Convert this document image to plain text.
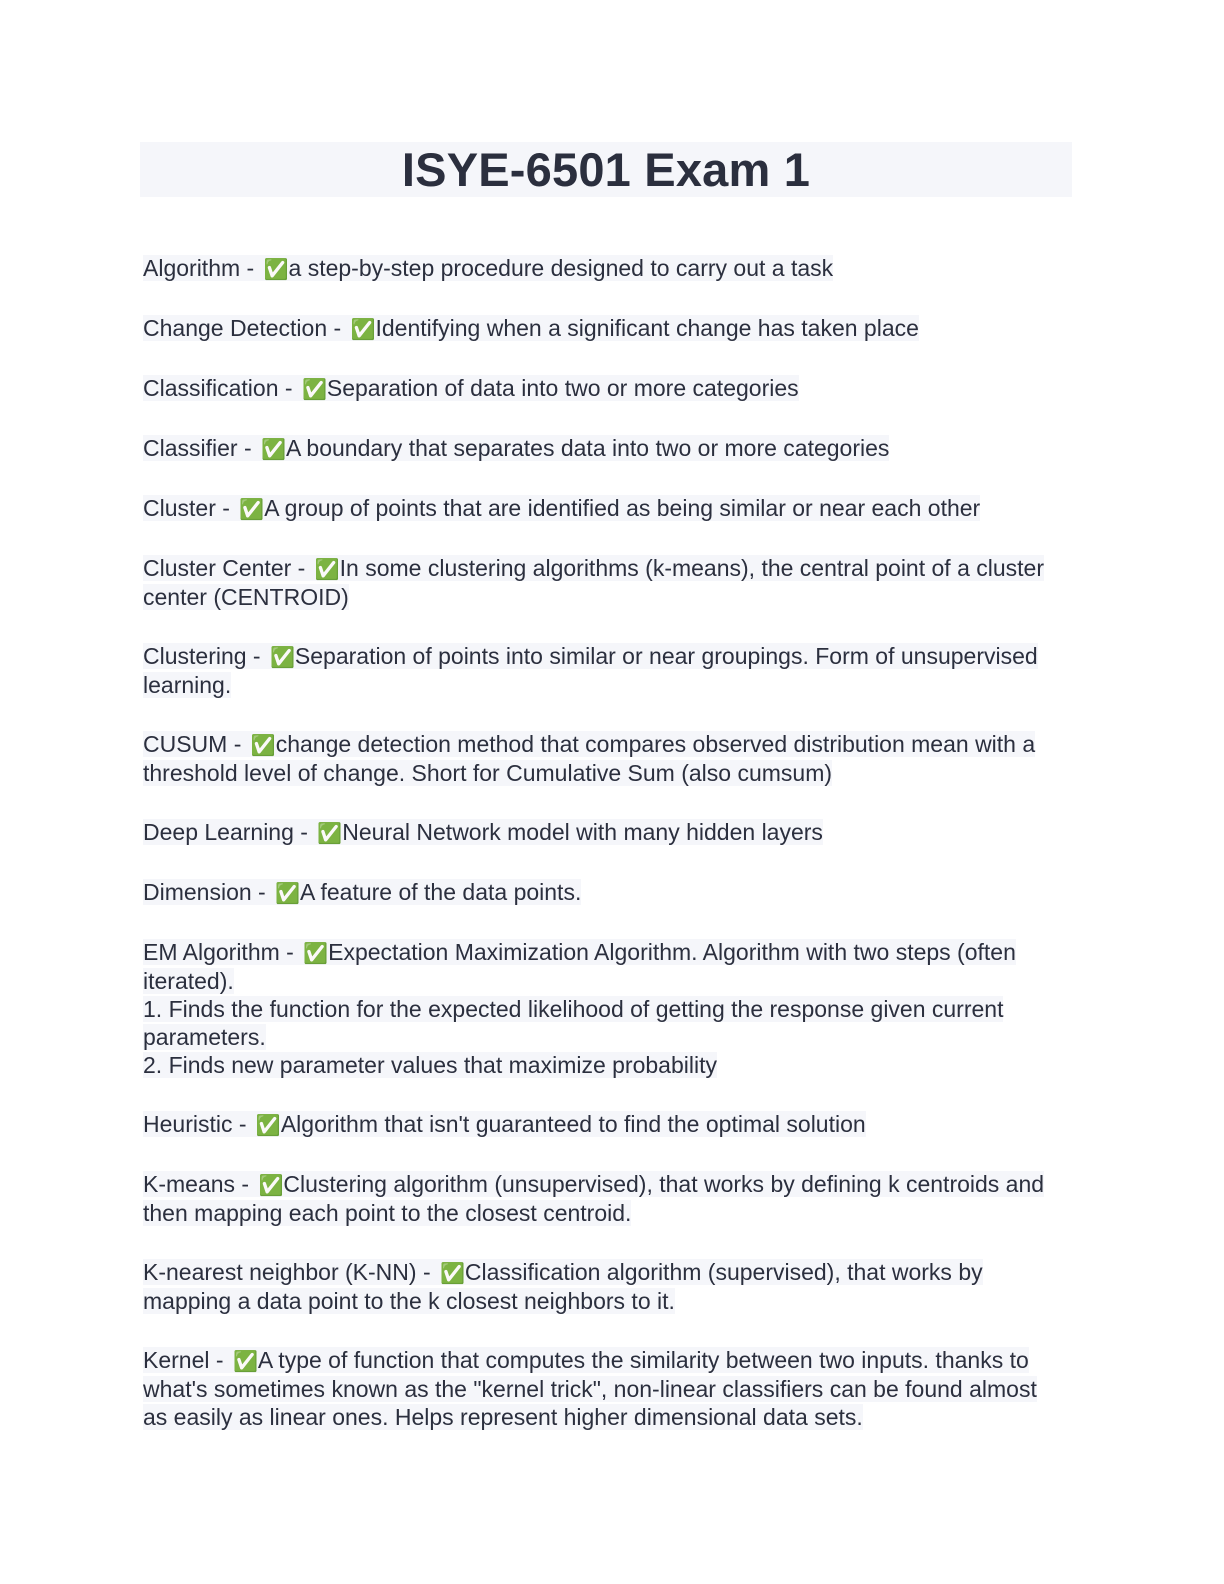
ISYE-6501 Exam 1
Algorithm - ✅a step-by-step procedure designed to carry out a task
Change Detection - ✅Identifying when a significant change has taken place
Classification - ✅Separation of data into two or more categories
Classifier - ✅A boundary that separates data into two or more categories
Cluster - ✅A group of points that are identified as being similar or near each other
Cluster Center - ✅In some clustering algorithms (k-means), the central point of a cluster
center (CENTROID)
Clustering - ✅Separation of points into similar or near groupings. Form of unsupervised
learning.
CUSUM - ✅change detection method that compares observed distribution mean with a
threshold level of change. Short for Cumulative Sum (also cumsum)
Deep Learning - ✅Neural Network model with many hidden layers
Dimension - ✅A feature of the data points.
EM Algorithm - ✅Expectation Maximization Algorithm. Algorithm with two steps (often
iterated).
1. Finds the function for the expected likelihood of getting the response given current
parameters.
2. Finds new parameter values that maximize probability
Heuristic - ✅Algorithm that isn't guaranteed to find the optimal solution
K-means - ✅Clustering algorithm (unsupervised), that works by defining k centroids and
then mapping each point to the closest centroid.
K-nearest neighbor (K-NN) - ✅Classification algorithm (supervised), that works by
mapping a data point to the k closest neighbors to it.
Kernel - ✅A type of function that computes the similarity between two inputs. thanks to
what's sometimes known as the "kernel trick", non-linear classifiers can be found almost
as easily as linear ones. Helps represent higher dimensional data sets.
